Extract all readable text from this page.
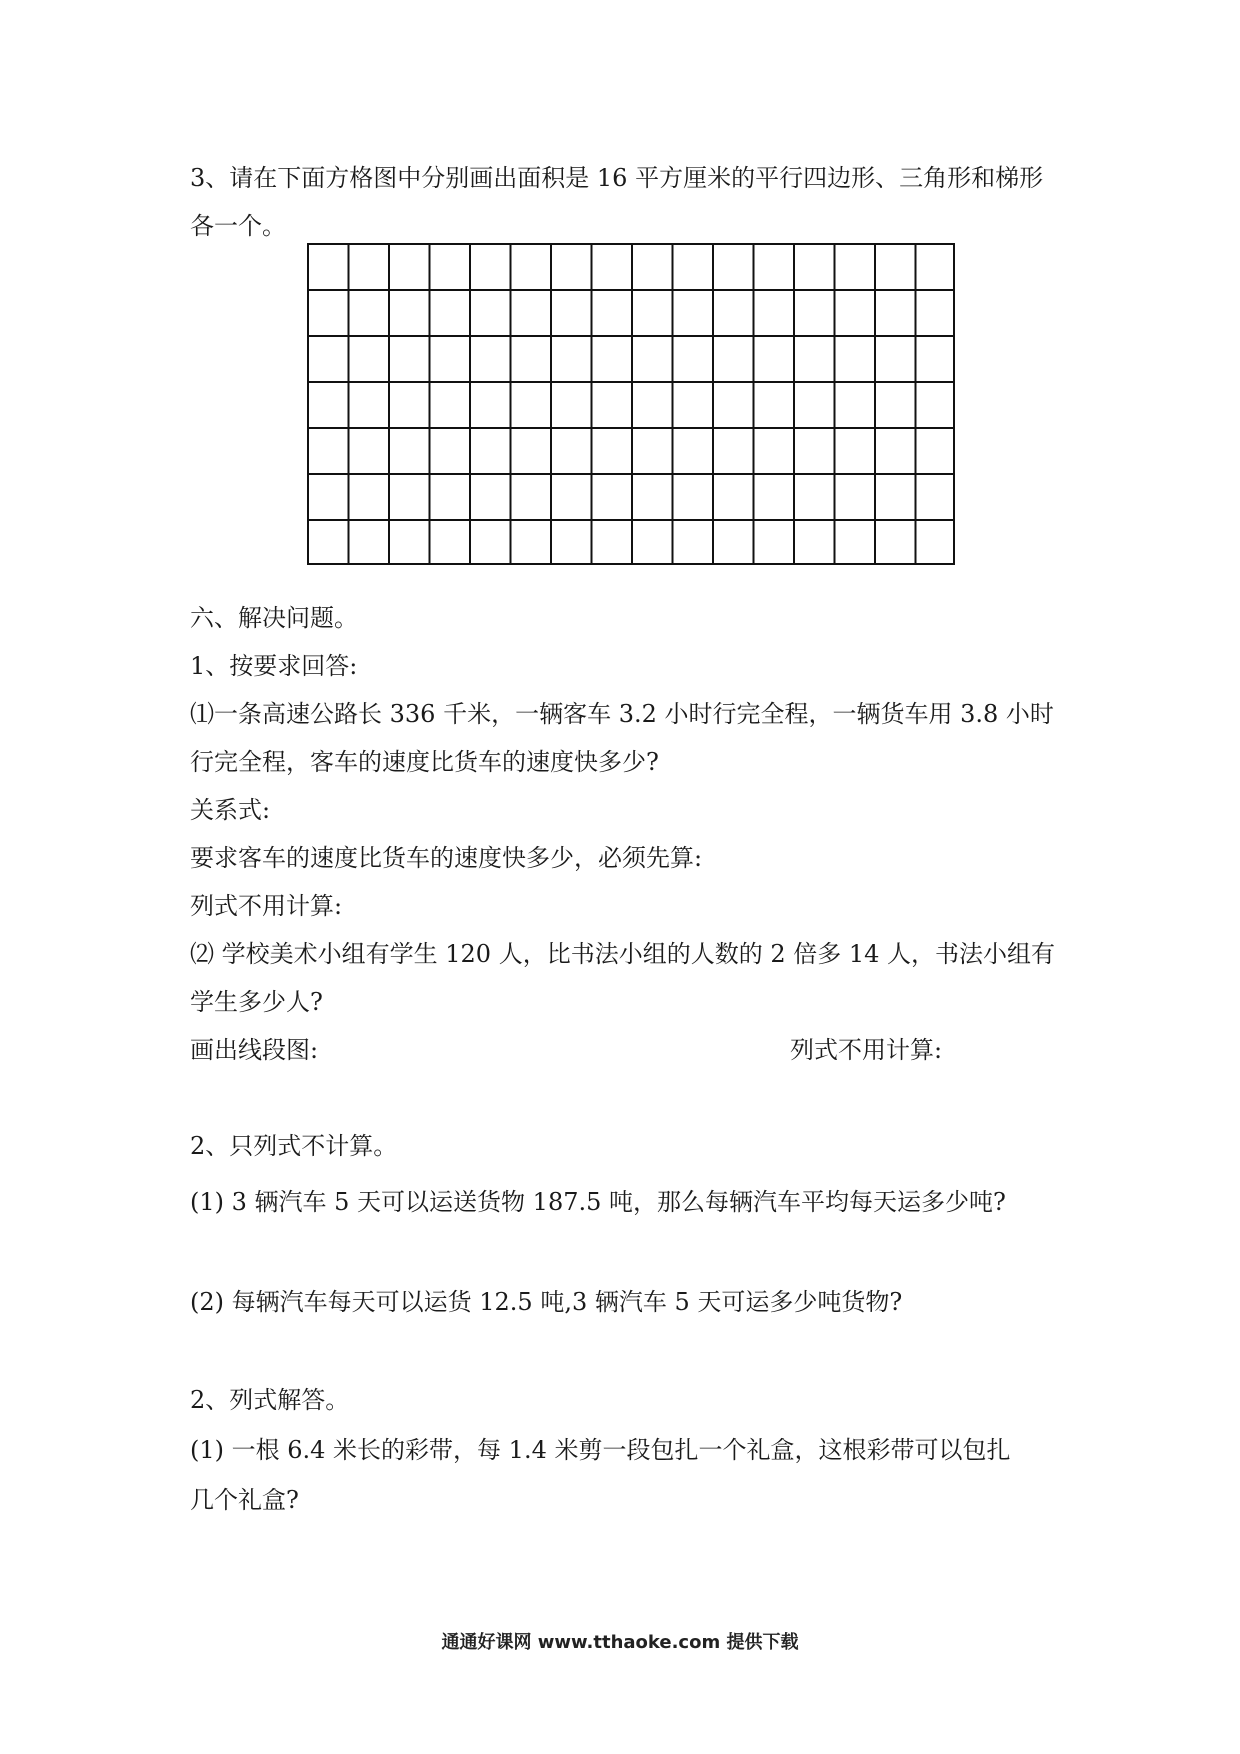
3、请在下面方格图中分别画出面积是 16 平方厘米的平行四边形、三角形和梯形
各一个。
六、解决问题。
1、按要求回答:
⑴一条高速公路长 336 千米，一辆客车 3.2 小时行完全程，一辆货车用 3.8 小时
行完全程，客车的速度比货车的速度快多少?
关系式:
要求客车的速度比货车的速度快多少，必须先算:
列式不用计算:
⑵ 学校美术小组有学生 120 人，比书法小组的人数的 2 倍多 14 人，书法小组有
学生多少人?
画出线段图:	列式不用计算:
2、只列式不计算。
(1) 3 辆汽车 5 天可以运送货物 187.5 吨，那么每辆汽车平均每天运多少吨?
(2) 每辆汽车每天可以运货 12.5 吨,3 辆汽车 5 天可运多少吨货物?
2、列式解答。
(1) 一根 6.4 米长的彩带，每 1.4 米剪一段包扎一个礼盒，这根彩带可以包扎
几个礼盒?
通通好课网 www.tthaoke.com 提供下载
